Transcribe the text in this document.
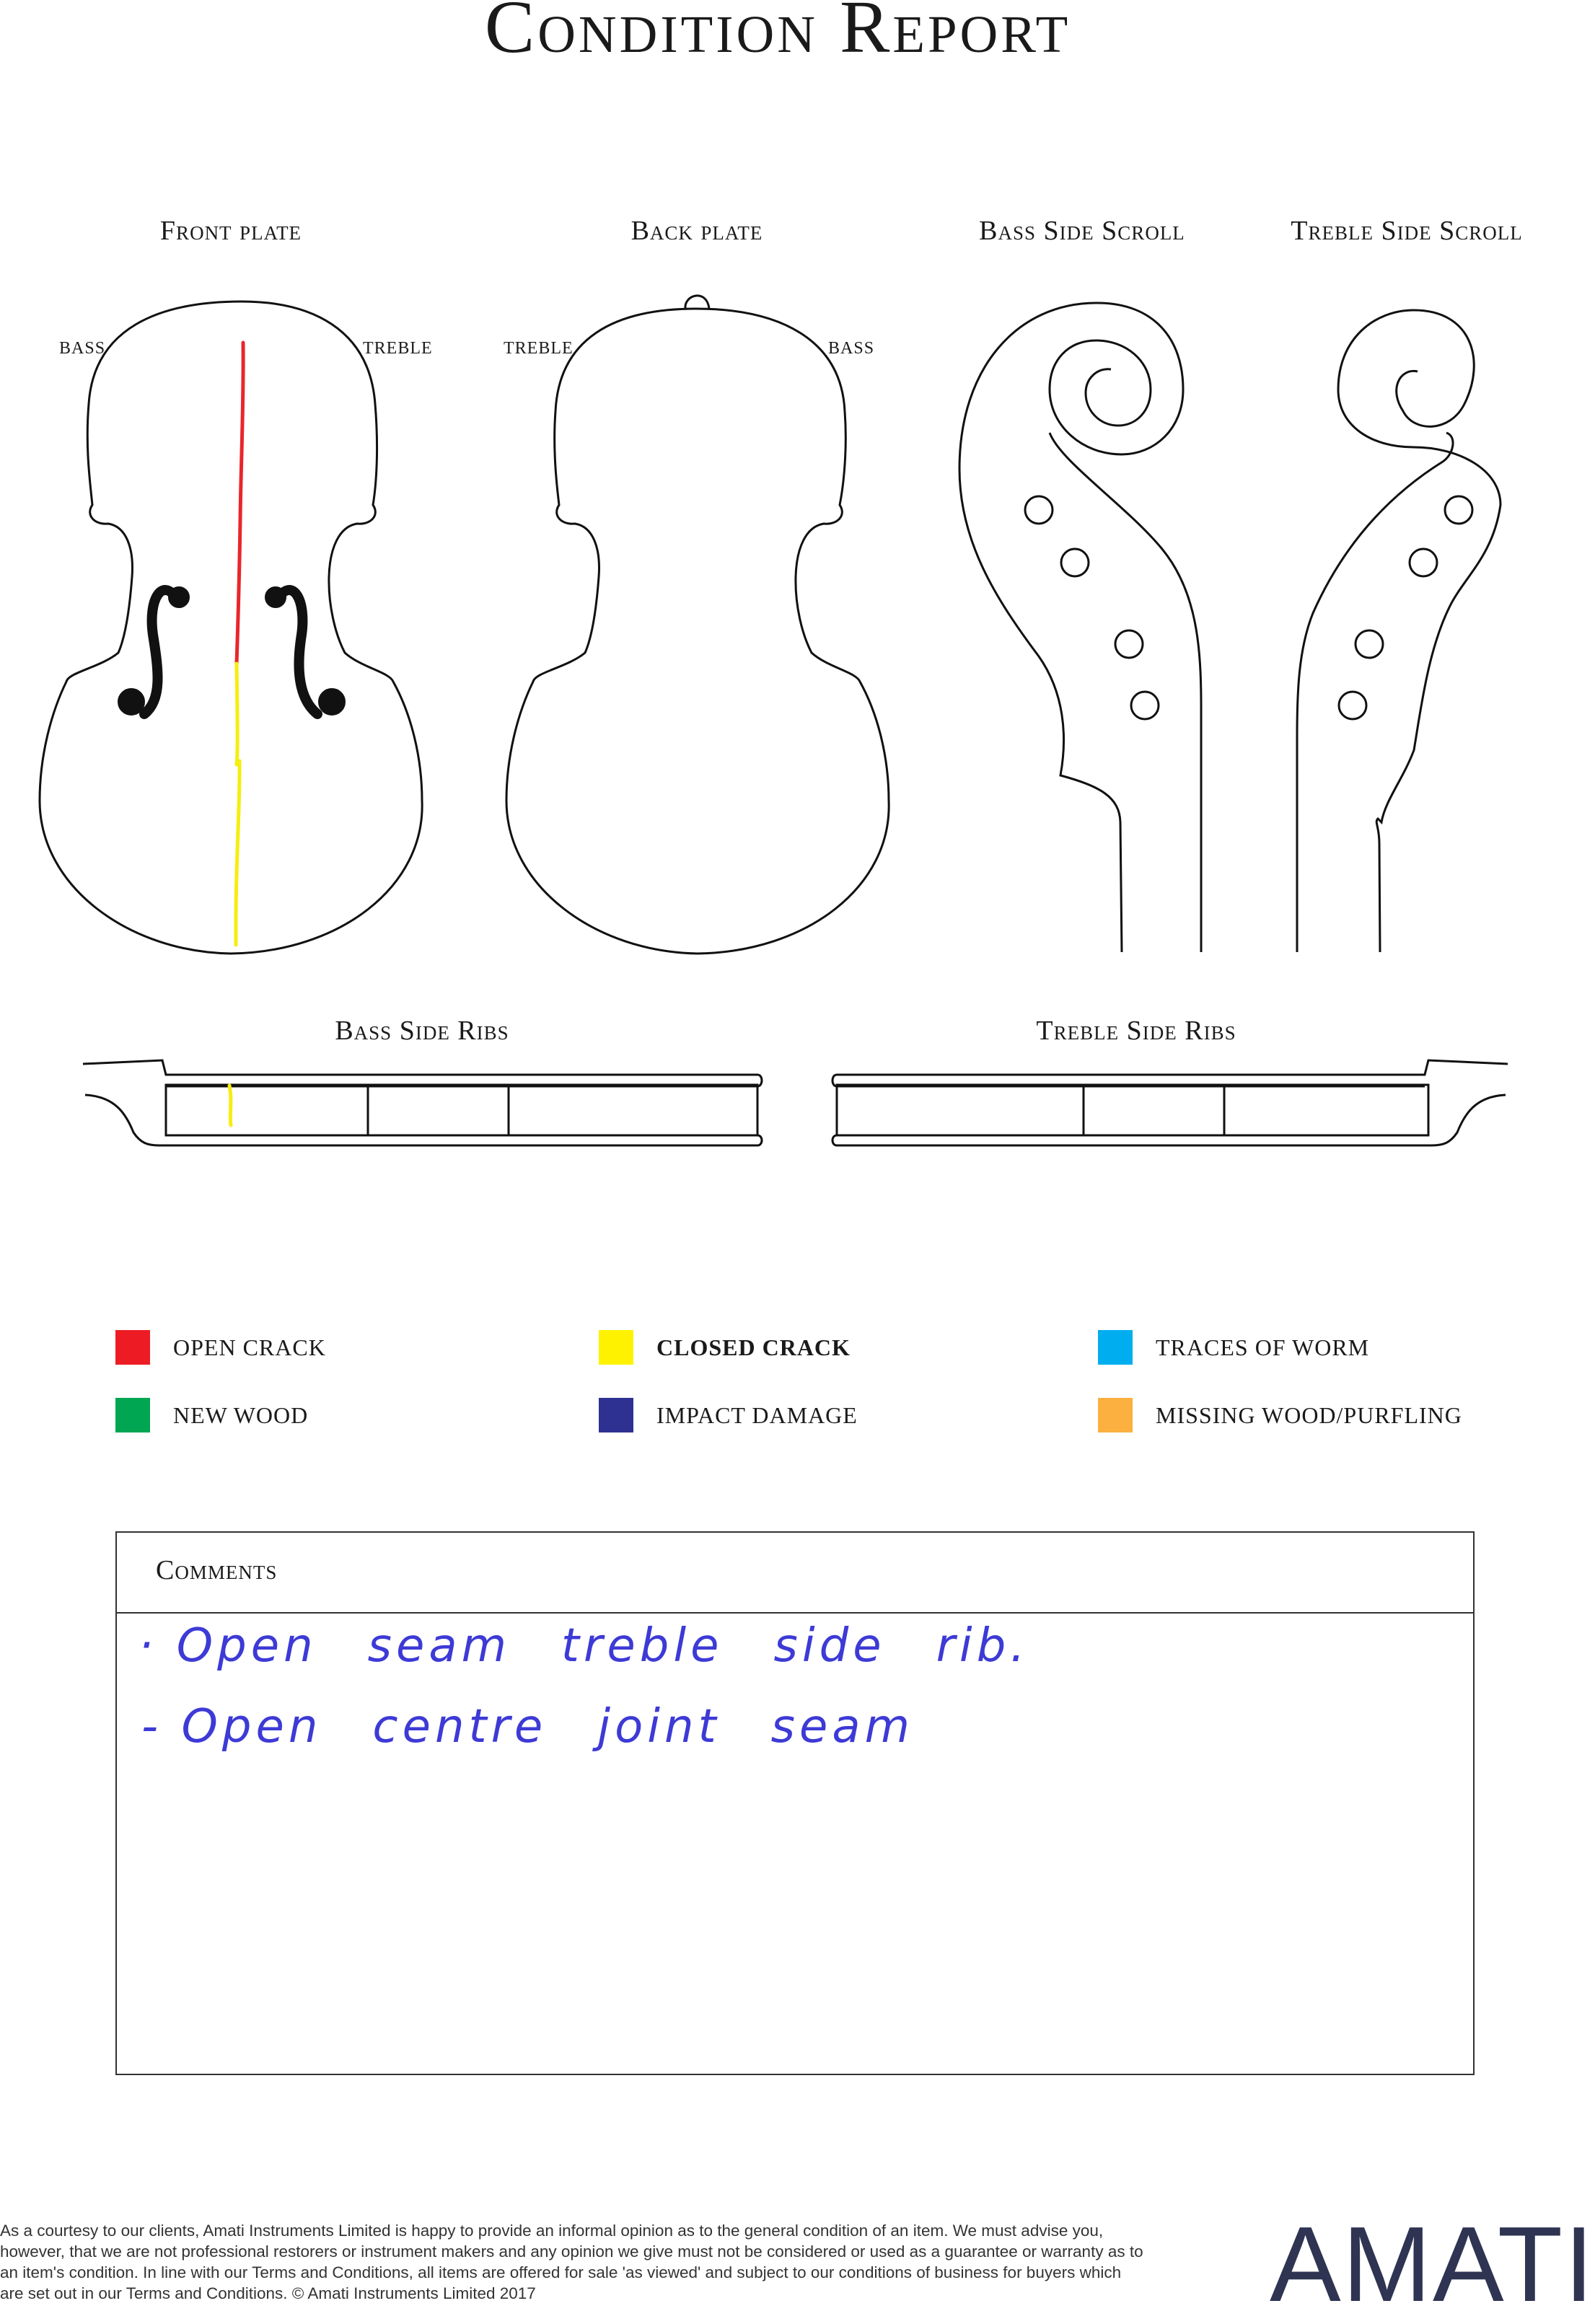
Condition Report
Front plate	Back plate	Bass Side Scroll	Treble Side Scroll
Bass Side Ribs	Treble Side Ribs
BASS	TREBLE	TREBLE	BASS
OPEN CRACK	CLOSED CRACK	TRACES OF WORM
NEW WOOD	IMPACT DAMAGE	MISSING WOOD/PURFLING
Comments
· Open seam treble side rib.
- Open centre joint seam
As a courtesy to our clients, Amati Instruments Limited is happy to provide an informal opinion as to the general condition of an item. We must advise you, however, that we are not professional restorers or instrument makers and any opinion we give must not be considered or used as a guarantee or warranty as to an item's condition. In line with our Terms and Conditions, all items are offered for sale 'as viewed' and subject to our conditions of business for buyers which are set out in our Terms and Conditions. © Amati Instruments Limited 2017	AMATI
